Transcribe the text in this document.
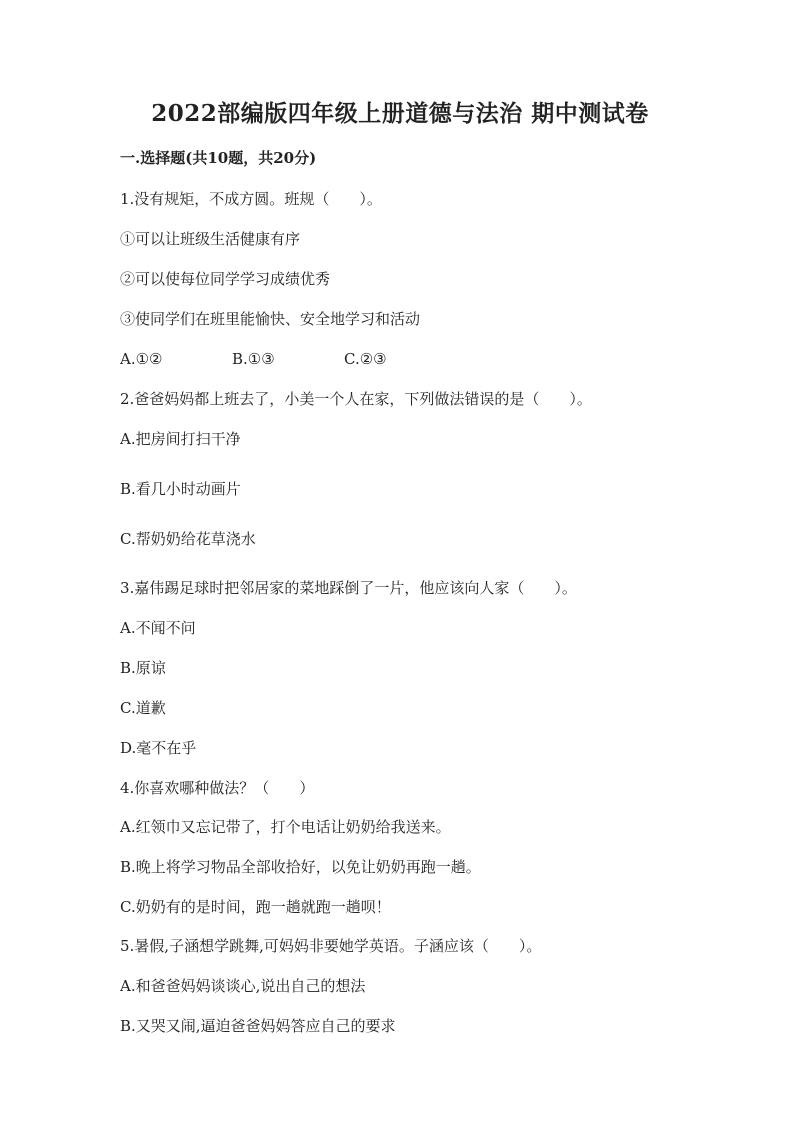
2022部编版四年级上册道德与法治 期中测试卷
一.选择题(共10题，共20分)
1.没有规矩，不成方圆。班规（　　）。
①可以让班级生活健康有序
②可以使每位同学学习成绩优秀
③使同学们在班里能愉快、安全地学习和活动
A.①②	B.①③	C.②③
2.爸爸妈妈都上班去了，小美一个人在家，下列做法错误的是（　　）。
A.把房间打扫干净
B.看几小时动画片
C.帮奶奶给花草浇水
3.嘉伟踢足球时把邻居家的菜地踩倒了一片，他应该向人家（　　）。
A.不闻不问
B.原谅
C.道歉
D.毫不在乎
4.你喜欢哪种做法？（　　）
A.红领巾又忘记带了，打个电话让奶奶给我送来。
B.晚上将学习物品全部收拾好，以免让奶奶再跑一趟。
C.奶奶有的是时间，跑一趟就跑一趟呗！
5.暑假,子涵想学跳舞,可妈妈非要她学英语。子涵应该（　　）。
A.和爸爸妈妈谈谈心,说出自己的想法
B.又哭又闹,逼迫爸爸妈妈答应自己的要求
